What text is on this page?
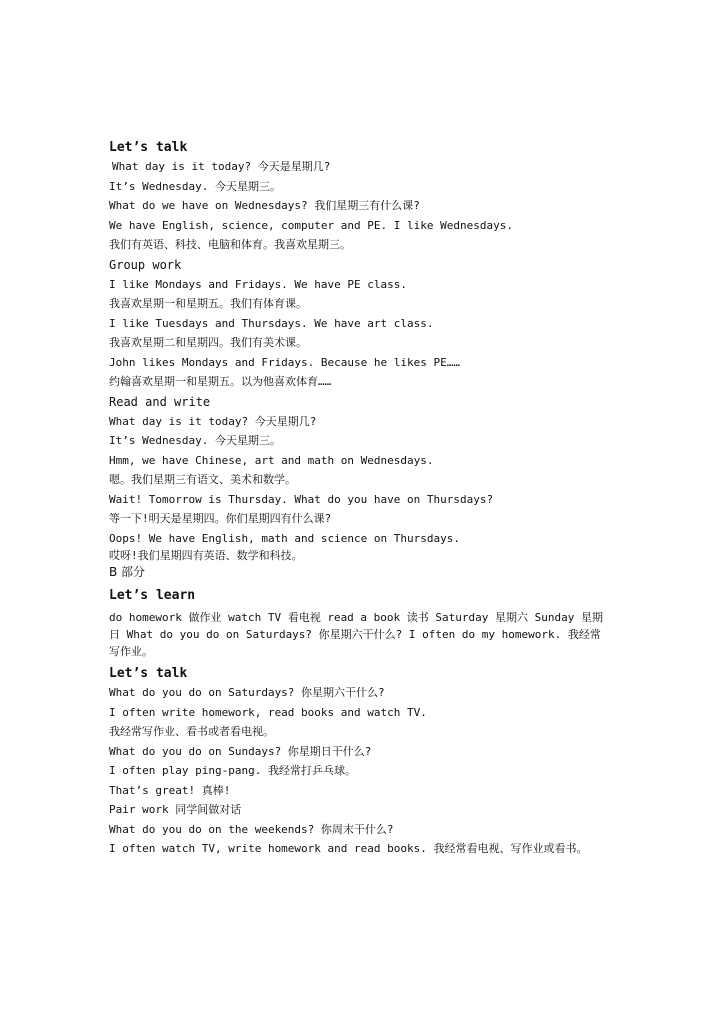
Let’s talk
What day is it today? 今天是星期几?
It’s Wednesday. 今天星期三。
What do we have on Wednesdays? 我们星期三有什么课?
We have English, science, computer and PE. I like Wednesdays.
我们有英语、科技、电脑和体育。我喜欢星期三。
Group work
I like Mondays and Fridays. We have PE class.
我喜欢星期一和星期五。我们有体育课。
I like Tuesdays and Thursdays. We have art class.
我喜欢星期二和星期四。我们有美术课。
John likes Mondays and Fridays. Because he likes PE……
约翰喜欢星期一和星期五。以为他喜欢体育……
Read and write
What day is it today? 今天星期几?
It’s Wednesday. 今天星期三。
Hmm, we have Chinese, art and math on Wednesdays.
嗯。我们星期三有语文、美术和数学。
Wait! Tomorrow is Thursday. What do you have on Thursdays?
等一下!明天是星期四。你们星期四有什么课?
Oops! We have English, math and science on Thursdays.
哎呀!我们星期四有英语、数学和科技。
B 部分
Let’s learn
do homework 做作业 watch TV 看电视 read a book 读书 Saturday 星期六 Sunday 星期日 What do you do on Saturdays? 你星期六干什么? I often do my homework. 我经常写作业。
Let’s talk
What do you do on Saturdays? 你星期六干什么?
I often write homework, read books and watch TV.
我经常写作业、看书或者看电视。
What do you do on Sundays? 你星期日干什么?
I often play ping-pang. 我经常打乒乓球。
That’s great! 真棒!
Pair work 同学间做对话
What do you do on the weekends? 你周末干什么?
I often watch TV, write homework and read books. 我经常看电视、写作业或看书。
